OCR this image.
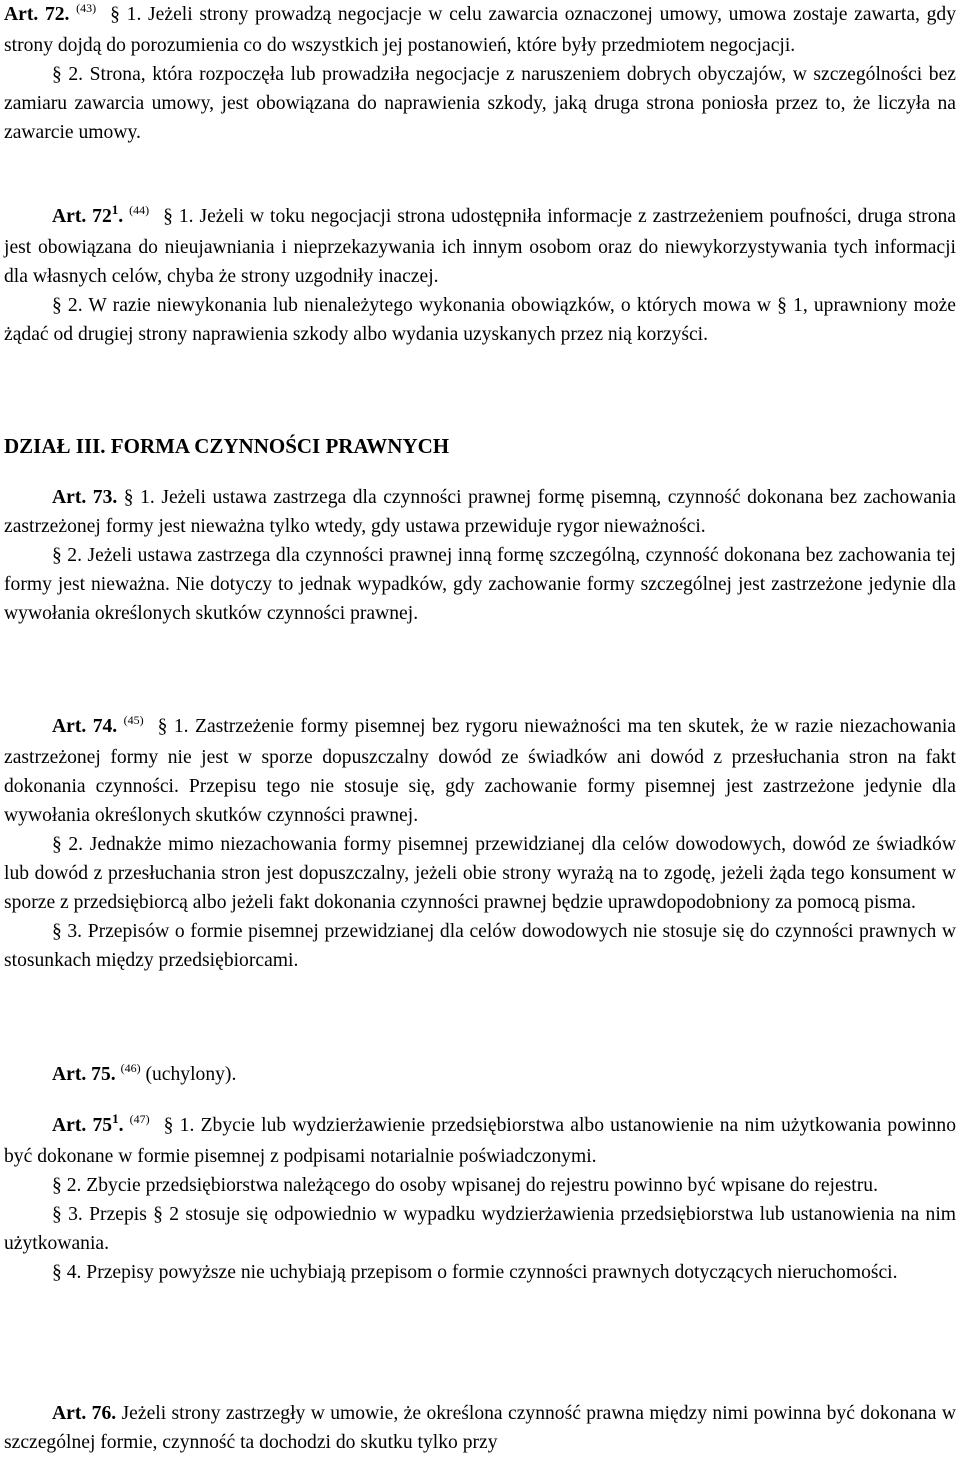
Art. 72. $^{(43)}$ § 1. Jeżeli strony prowadzą negocjacje w celu zawarcia oznaczonej umowy, umowa zostaje zawarta, gdy strony dojdą do porozumienia co do wszystkich jej postanowień, które były przedmiotem negocjacji.

§ 2. Strona, która rozpoczęła lub prowadziła negocjacje z naruszeniem dobrych obyczajów, w szczególności bez zamiaru zawarcia umowy, jest obowiązana do naprawienia szkody, jaką druga strona poniosła przez to, że liczyła na zawarcie umowy.

Art. $72^1$. $^{(44)}$ § 1. Jeżeli w toku negocjacji strona udostępniła informacje z zastrzeżeniem poufności, druga strona jest obowiązana do nieujawniania i nieprzekazywania ich innym osobom oraz do niewykorzystywania tych informacji dla własnych celów, chyba że strony uzgodniły inaczej.

§ 2. W razie niewykonania lub nienależytego wykonania obowiązków, o których mowa w § 1, uprawniony może żądać od drugiej strony naprawienia szkody albo wydania uzyskanych przez nią korzyści.

DZIAŁ III. FORMA CZYNNOŚCI PRAWNYCH

Art. 73. § 1. Jeżeli ustawa zastrzega dla czynności prawnej formę pisemną, czynność dokonana bez zachowania zastrzeżonej formy jest nieważna tylko wtedy, gdy ustawa przewiduje rygor nieważności.

§ 2. Jeżeli ustawa zastrzega dla czynności prawnej inną formę szczególną, czynność dokonana bez zachowania tej formy jest nieważna. Nie dotyczy to jednak wypadków, gdy zachowanie formy szczególnej jest zastrzeżone jedynie dla wywołania określonych skutków czynności prawnej.

Art. 74. $^{(45)}$ § 1. Zastrzeżenie formy pisemnej bez rygoru nieważności ma ten skutek, że w razie niezachowania zastrzeżonej formy nie jest w sporze dopuszczalny dowód ze świadków ani dowód z przesłuchania stron na fakt dokonania czynności. Przepisu tego nie stosuje się, gdy zachowanie formy pisemnej jest zastrzeżone jedynie dla wywołania określonych skutków czynności prawnej.

§ 2. Jednakże mimo niezachowania formy pisemnej przewidzianej dla celów dowodowych, dowód ze świadków lub dowód z przesłuchania stron jest dopuszczalny, jeżeli obie strony wyrażą na to zgodę, jeżeli żąda tego konsument w sporze z przedsiębiorcą albo jeżeli fakt dokonania czynności prawnej będzie uprawdopodobniony za pomocą pisma.

§ 3. Przepisów o formie pisemnej przewidzianej dla celów dowodowych nie stosuje się do czynności prawnych w stosunkach między przedsiębiorcami.

Art. 75. $^{(46)}$ (uchylony).

Art. $75^1$. $^{(47)}$ § 1. Zbycie lub wydzierżawienie przedsiębiorstwa albo ustanowienie na nim użytkowania powinno być dokonane w formie pisemnej z podpisami notarialnie poświadczonymi.

§ 2. Zbycie przedsiębiorstwa należącego do osoby wpisanej do rejestru powinno być wpisane do rejestru.

§ 3. Przepis § 2 stosuje się odpowiednio w wypadku wydzierżawienia przedsiębiorstwa lub ustanowienia na nim użytkowania.

§ 4. Przepisy powyższe nie uchybiają przepisom o formie czynności prawnych dotyczących nieruchomości.

Art. 76. Jeżeli strony zastrzegły w umowie, że określona czynność prawna między nimi powinna być dokonana w szczególnej formie, czynność ta dochodzi do skutku tylko przy
